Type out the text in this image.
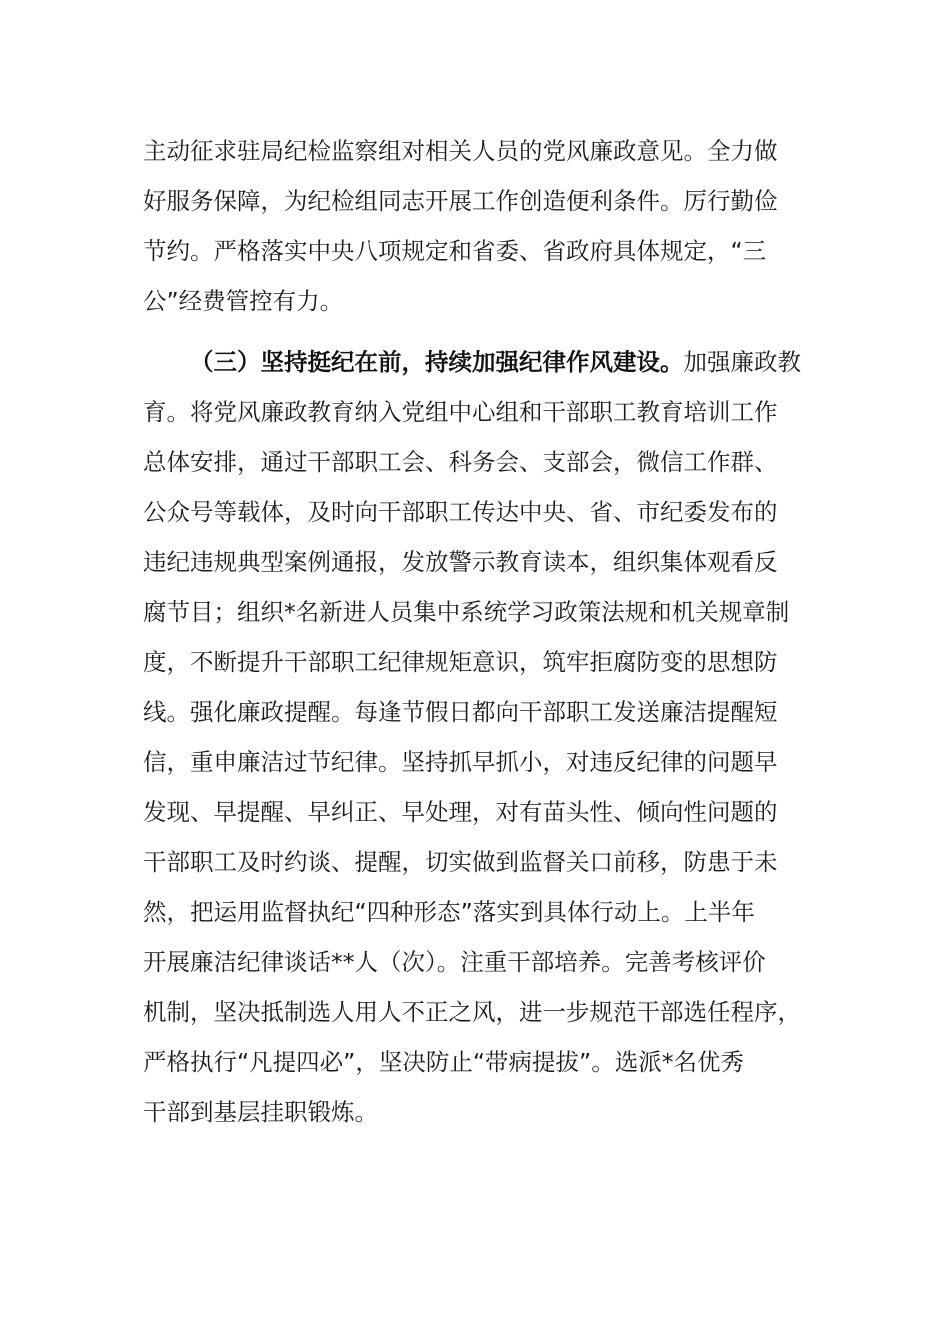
主动征求驻局纪检监察组对相关人员的党风廉政意见。全力做
好服务保障，为纪检组同志开展工作创造便利条件。厉行勤俭
节约。严格落实中央八项规定和省委、省政府具体规定，“三
公”经费管控有力。
（三）坚持挺纪在前，持续加强纪律作风建设。加强廉政教
育。将党风廉政教育纳入党组中心组和干部职工教育培训工作
总体安排，通过干部职工会、科务会、支部会，微信工作群、
公众号等载体，及时向干部职工传达中央、省、市纪委发布的
违纪违规典型案例通报，发放警示教育读本，组织集体观看反
腐节目；组织*名新进人员集中系统学习政策法规和机关规章制
度，不断提升干部职工纪律规矩意识，筑牢拒腐防变的思想防
线。强化廉政提醒。每逢节假日都向干部职工发送廉洁提醒短
信，重申廉洁过节纪律。坚持抓早抓小，对违反纪律的问题早
发现、早提醒、早纠正、早处理，对有苗头性、倾向性问题的
干部职工及时约谈、提醒，切实做到监督关口前移，防患于未
然，把运用监督执纪“四种形态”落实到具体行动上。上半年
开展廉洁纪律谈话**人（次）。注重干部培养。完善考核评价
机制，坚决抵制选人用人不正之风，进一步规范干部选任程序，
严格执行“凡提四必”，坚决防止“带病提拔”。选派*名优秀
干部到基层挂职锻炼。
